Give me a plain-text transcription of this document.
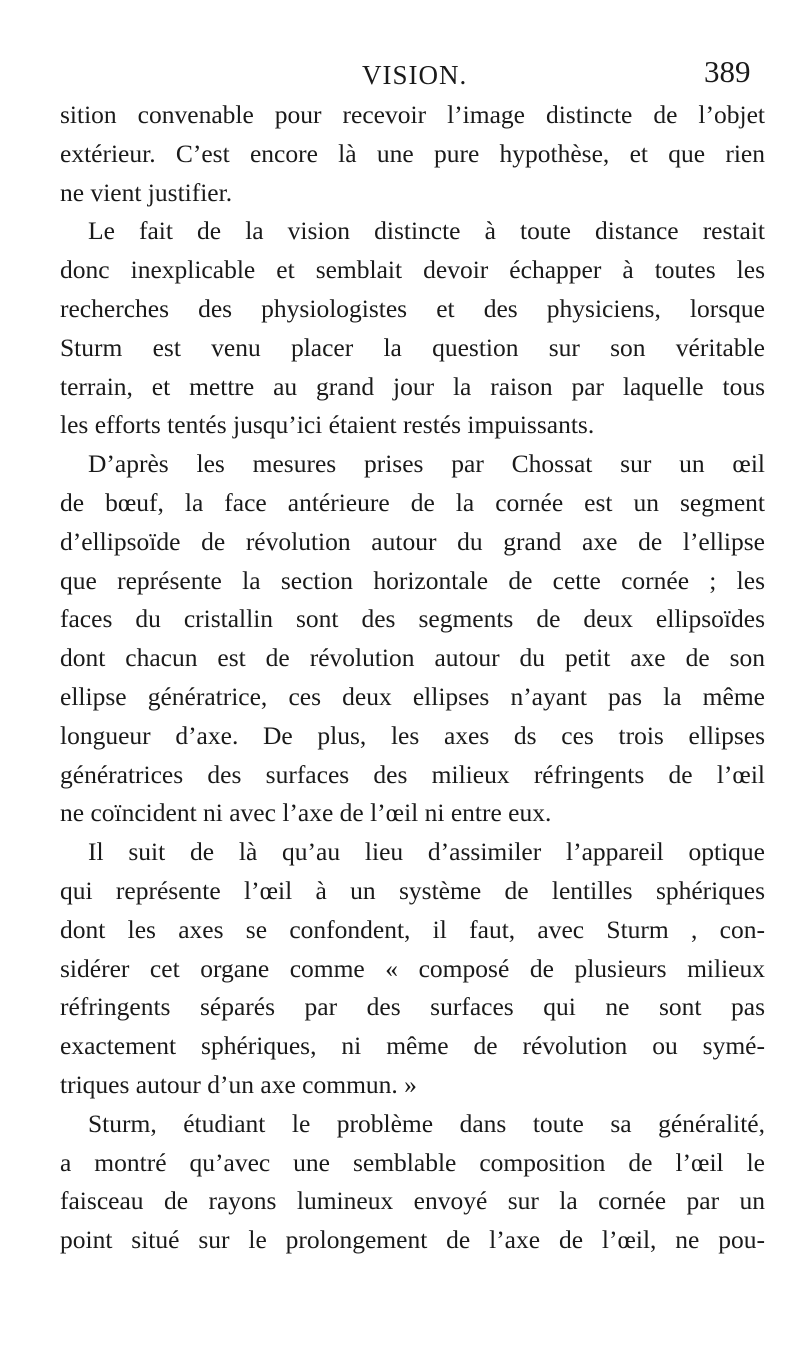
VISION.	389
sition convenable pour recevoir l’image distincte de l’objet
extérieur. C’est encore là une pure hypothèse, et que rien
ne vient justifier.
Le fait de la vision distincte à toute distance restait
donc inexplicable et semblait devoir échapper à toutes les
recherches des physiologistes et des physiciens, lorsque
Sturm est venu placer la question sur son véritable
terrain, et mettre au grand jour la raison par laquelle tous
les efforts tentés jusqu’ici étaient restés impuissants.
D’après les mesures prises par Chossat sur un œil
de bœuf, la face antérieure de la cornée est un segment
d’ellipsoïde de révolution autour du grand axe de l’ellipse
que représente la section horizontale de cette cornée ; les
faces du cristallin sont des segments de deux ellipsoïdes
dont chacun est de révolution autour du petit axe de son
ellipse génératrice, ces deux ellipses n’ayant pas la même
longueur d’axe. De plus, les axes ds ces trois ellipses
génératrices des surfaces des milieux réfringents de l’œil
ne coïncident ni avec l’axe de l’œil ni entre eux.
Il suit de là qu’au lieu d’assimiler l’appareil optique
qui représente l’œil à un système de lentilles sphériques
dont les axes se confondent, il faut, avec Sturm , con-
sidérer cet organe comme « composé de plusieurs milieux
réfringents séparés par des surfaces qui ne sont pas
exactement sphériques, ni même de révolution ou symé-
triques autour d’un axe commun. »
Sturm, étudiant le problème dans toute sa généralité,
a montré qu’avec une semblable composition de l’œil le
faisceau de rayons lumineux envoyé sur la cornée par un
point situé sur le prolongement de l’axe de l’œil, ne pou-
